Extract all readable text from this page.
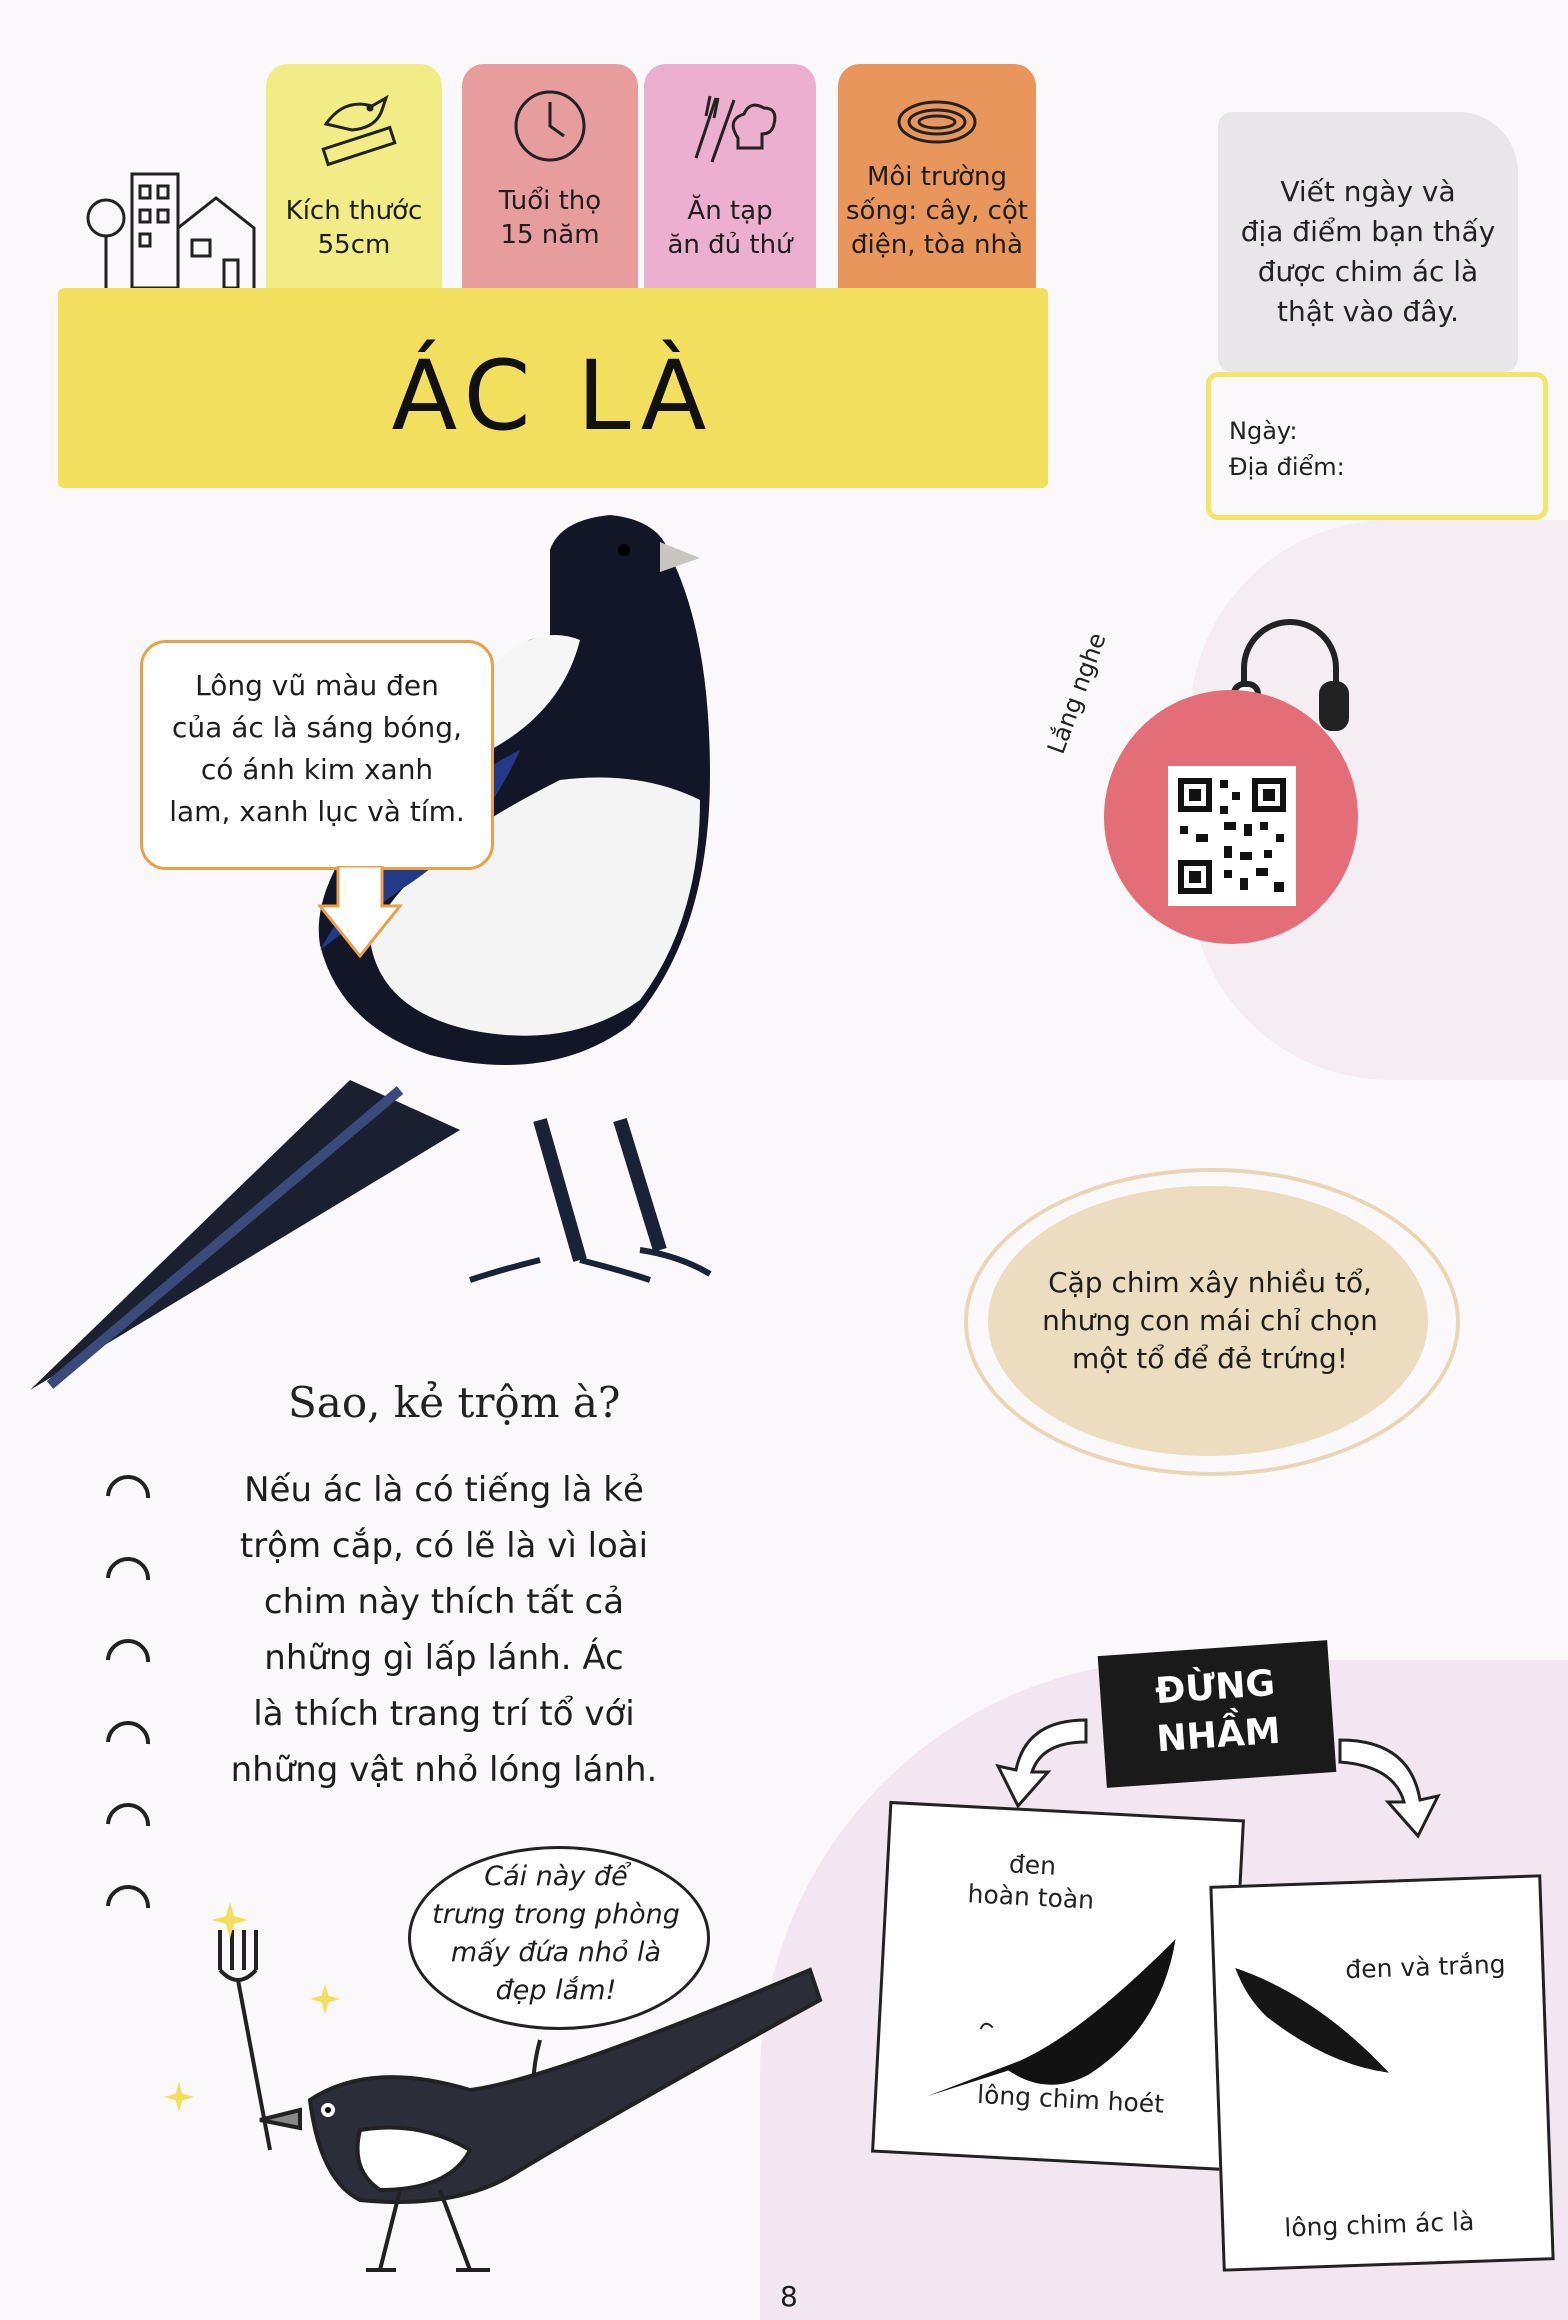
Kích thước
55cm
Tuổi thọ
15 năm
Ăn tạp
ăn đủ thứ
Môi trường
sống: cây, cột
điện, tòa nhà
ÁC LÀ
Viết ngày và
địa điểm bạn thấy
được chim ác là
thật vào đây.
Ngày:
Địa điểm:
Lông vũ màu đen
của ác là sáng bóng,
có ánh kim xanh
lam, xanh lục và tím.
Lắng nghe
Cặp chim xây nhiều tổ,
nhưng con mái chỉ chọn
một tổ để đẻ trứng!
Sao, kẻ trộm à?
Nếu ác là có tiếng là kẻ
trộm cắp, có lẽ là vì loài
chim này thích tất cả
những gì lấp lánh. Ác
là thích trang trí tổ với
những vật nhỏ lóng lánh.
Cái này để
trưng trong phòng
mấy đứa nhỏ là
đẹp lắm!
ĐỪNG
NHẦM
đen
hoàn toàn
lông chim hoét
đen và trắng
lông chim ác là
8
